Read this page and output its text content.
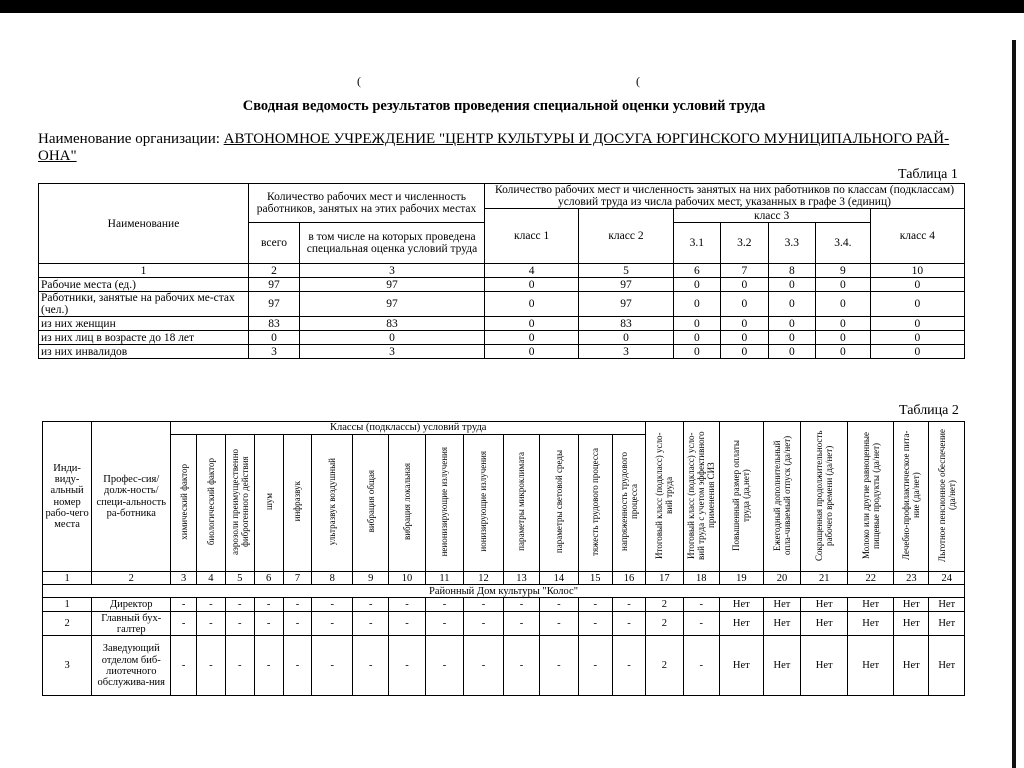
(	(
Сводная ведомость результатов проведения специальной оценки условий труда
Наименование организации: АВТОНОМНОЕ УЧРЕЖДЕНИЕ "ЦЕНТР КУЛЬТУРЫ И ДОСУГА ЮРГИНСКОГО МУНИЦИПАЛЬНОГО РАЙ-ОНА"
Таблица 1
Наименование	Количество рабочих мест и численность работников, занятых на этих рабочих местах		Количество рабочих мест и численность занятых на них работников по классам (подклассам) условий труда из числа рабочих мест, указанных в графе 3 (единиц)						
			класс 1	класс 2	класс 3				класс 4
	всего	в том числе на которых проведена специальная оценка условий труда			3.1	3.2	3.3	3.4.	
1	2	3	4	5	6	7	8	9	10
Рабочие места (ед.)	97	97	0	97	0	0	0	0	0
Работники, занятые на рабочих ме-стах (чел.)	97	97	0	97	0	0	0	0	0
из них женщин	83	83	0	83	0	0	0	0	0
из них лиц в возрасте до 18 лет	0	0	0	0	0	0	0	0	0
из них инвалидов	3	3	0	3	0	0	0	0	0
Таблица 2
Инди-виду-альный номер рабо-чего места	Профес-сия/долж-ность/специ-альность ра-ботника	Классы (подклассы) условий труда														Итоговый класс (подкласс) усло-вий труда	Итоговый класс (подкласс) усло-вий труда с учетом эффективного применения СИЗ	Повышенный размер оплаты труда (да,нет)	Ежегодный дополнительный опла-чиваемый отпуск (да/нет)	Сокращенная продолжительность рабочего времени (да/нет)	Молоко или другие равноценные пищевые продукты (да/нет)	Лечебно-профилактическое пита-ние (да/нет)	Льготное пенсионное обеспечение (да/нет)
		химический фактор	биологический фактор	аэрозоли преимущественно фиброгенного действия	шум	инфразвук	ультразвук воздушный	вибрация общая	вибрация локальная	неионизирующие излучения	ионизирующие излучения	параметры микроклимата	параметры световой среды	тяжесть трудового процесса	напряженность трудового процесса								
1	2	3	4	5	6	7	8	9	10	11	12	13	14	15	16	17	18	19	20	21	22	23	24
Районный Дом культуры "Колос"																							
1	Директор	-	-	-	-	-	-	-	-	-	-	-	-	-	-	2	-	Нет	Нет	Нет	Нет	Нет	Нет
2	Главный бух-галтер	-	-	-	-	-	-	-	-	-	-	-	-	-	-	2	-	Нет	Нет	Нет	Нет	Нет	Нет
3	Заведующий отделом биб-лиотечного обслужива-ния	-	-	-	-	-	-	-	-	-	-	-	-	-	-	2	-	Нет	Нет	Нет	Нет	Нет	Нет
